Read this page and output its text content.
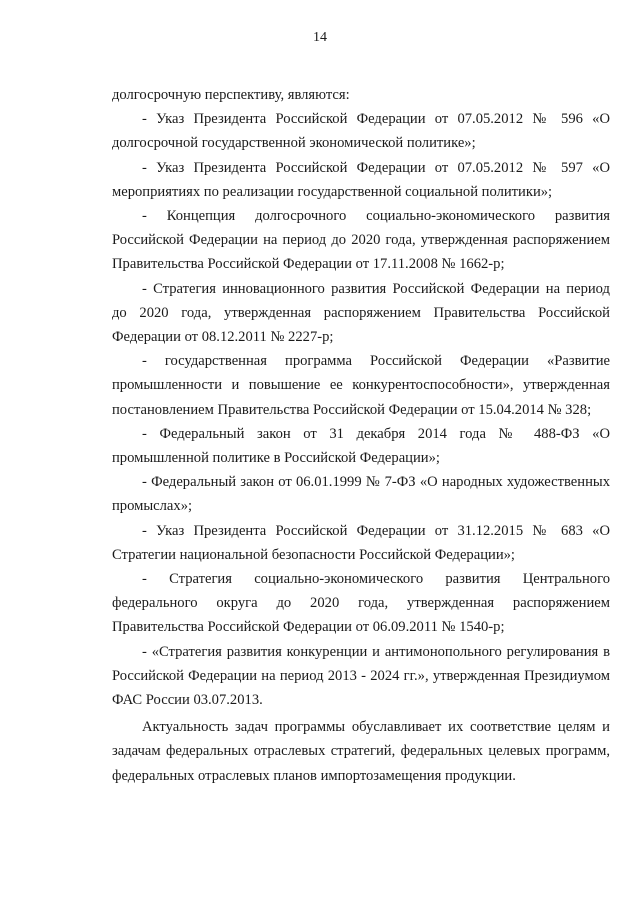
14

долгосрочную перспективу, являются:

- Указ Президента Российской Федерации от 07.05.2012 № 596 «О долгосрочной государственной экономической политике»;

- Указ Президента Российской Федерации от 07.05.2012 № 597 «О мероприятиях по реализации государственной социальной политики»;

- Концепция долгосрочного социально-экономического развития Российской Федерации на период до 2020 года, утвержденная распоряжением Правительства Российской Федерации от 17.11.2008 № 1662-р;

- Стратегия инновационного развития Российской Федерации на период до 2020 года, утвержденная распоряжением Правительства Российской Федерации от 08.12.2011 № 2227-р;

- государственная программа Российской Федерации «Развитие промышленности и повышение ее конкурентоспособности», утвержденная постановлением Правительства Российской Федерации от 15.04.2014 № 328;

- Федеральный закон от 31 декабря 2014 года № 488-ФЗ «О промышленной политике в Российской Федерации»;

- Федеральный закон от 06.01.1999 № 7-ФЗ «О народных художественных промыслах»;

- Указ Президента Российской Федерации от 31.12.2015 № 683 «О Стратегии национальной безопасности Российской Федерации»;

- Стратегия социально-экономического развития Центрального федерального округа до 2020 года, утвержденная распоряжением Правительства Российской Федерации от 06.09.2011 № 1540-р;

- «Стратегия развития конкуренции и антимонопольного регулирования в Российской Федерации на период 2013 - 2024 гг.», утвержденная Президиумом ФАС России 03.07.2013.

Актуальность задач программы обуславливает их соответствие целям и задачам федеральных отраслевых стратегий, федеральных целевых программ, федеральных отраслевых планов импортозамещения продукции.
